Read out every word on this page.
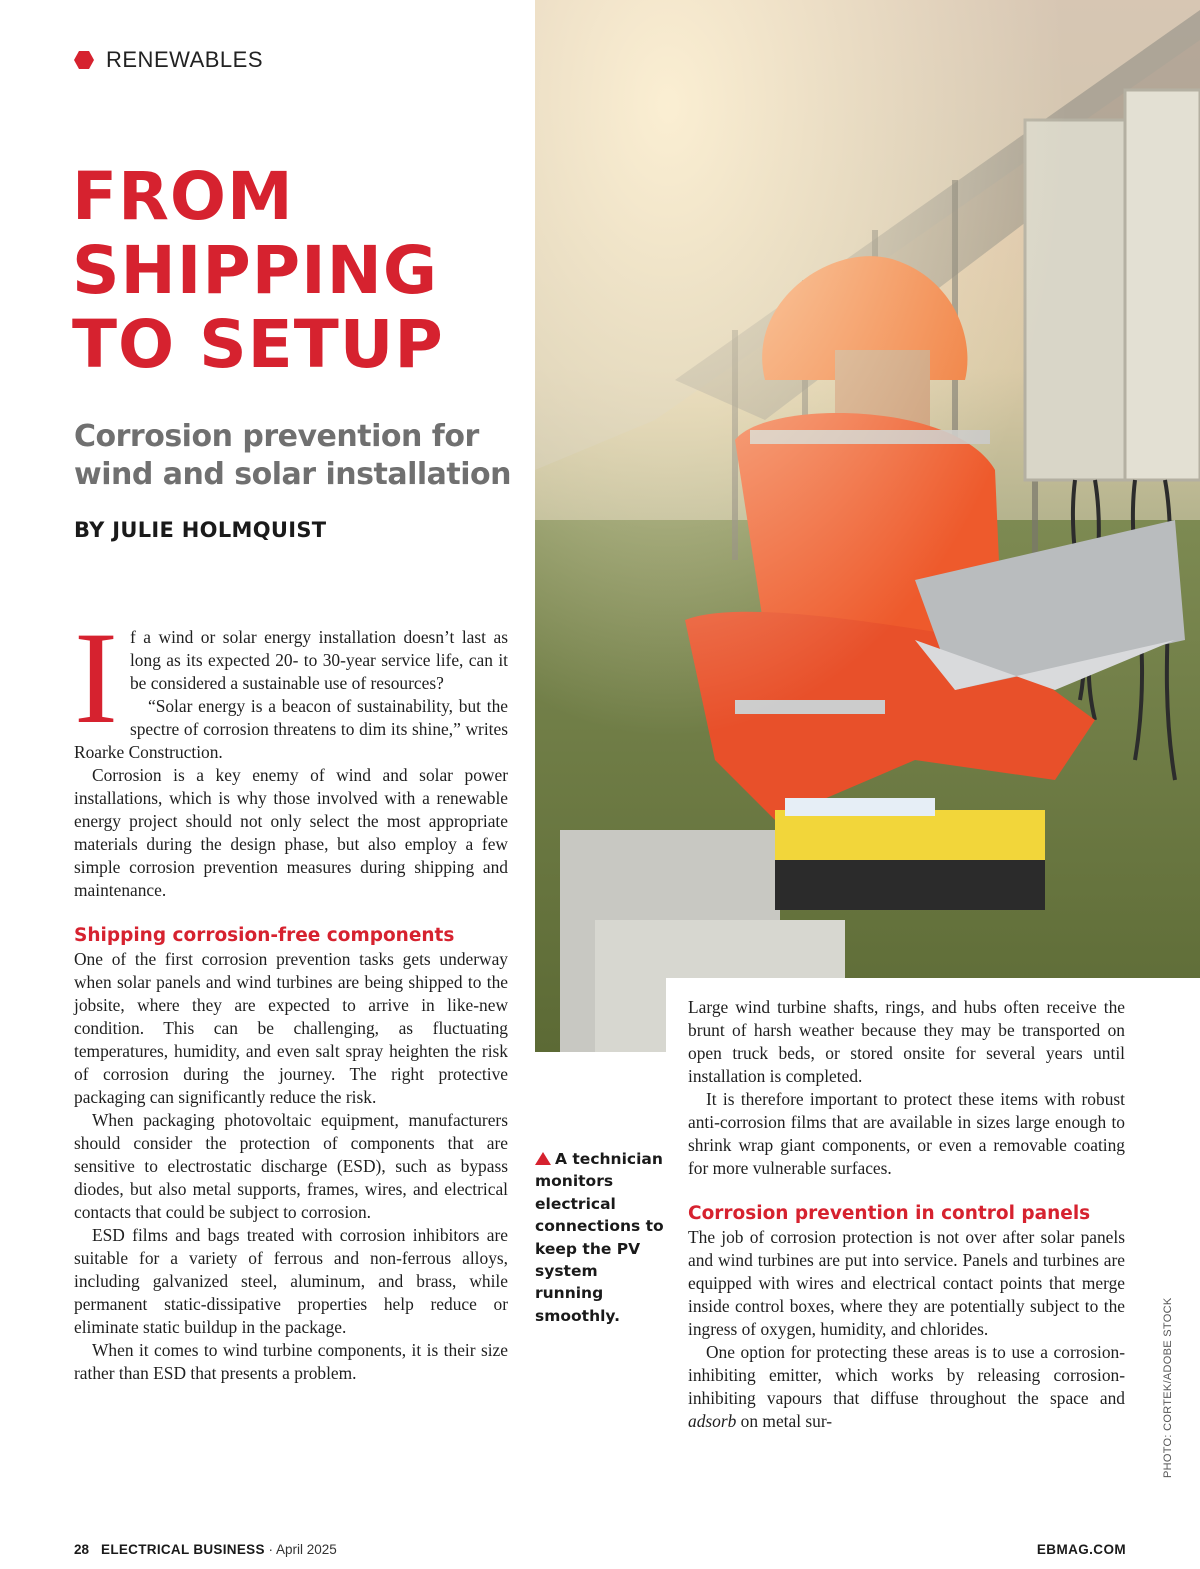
RENEWABLES
FROM
SHIPPING
TO SETUP
Corrosion prevention for
wind and solar installation
BY JULIE HOLMQUIST
I f a wind or solar energy installation doesn’t last as long as its expected 20- to 30-year service life, can it be considered a sustainable use of resources?

“Solar energy is a beacon of sustainability, but the spectre of corrosion threatens to dim its shine,” writes Roarke Construction.

Corrosion is a key enemy of wind and solar power installations, which is why those involved with a renewable energy project should not only select the most appropriate materials during the design phase, but also employ a few simple corrosion prevention measures during shipping and maintenance.

Shipping corrosion-free components

One of the first corrosion prevention tasks gets underway when solar panels and wind turbines are being shipped to the jobsite, where they are expected to arrive in like-new condition. This can be challenging, as fluctuating temperatures, humidity, and even salt spray heighten the risk of corrosion during the journey. The right protective packaging can significantly reduce the risk.

When packaging photovoltaic equipment, manufacturers should consider the protection of components that are sensitive to electrostatic discharge (ESD), such as bypass diodes, but also metal supports, frames, wires, and electrical contacts that could be subject to corrosion.

ESD films and bags treated with corrosion inhibitors are suitable for a variety of ferrous and non-ferrous alloys, including galvanized steel, aluminum, and brass, while permanent static-dissipative properties help reduce or eliminate static buildup in the package.

When it comes to wind turbine components, it is their size rather than ESD that presents a problem.

Large wind turbine shafts, rings, and hubs often receive the brunt of harsh weather because they may be transported on open truck beds, or stored onsite for several years until installation is completed.

It is therefore important to protect these items with robust anti-corrosion films that are available in sizes large enough to shrink wrap giant components, or even a removable coating for more vulnerable surfaces.

Corrosion prevention in control panels

The job of corrosion protection is not over after solar panels and wind turbines are put into service. Panels and turbines are equipped with wires and electrical contact points that merge inside control boxes, where they are potentially subject to the ingress of oxygen, humidity, and chlorides.

One option for protecting these areas is to use a corrosion-inhibiting emitter, which works by releasing corrosion-inhibiting vapours that diffuse throughout the space and adsorb on metal sur-

A technician monitors electrical connections to keep the PV system running smoothly.	PHOTO: CORTEK/ADOBE STOCK
28 ELECTRICAL BUSINESS · April 2025	EBMAG.COM
